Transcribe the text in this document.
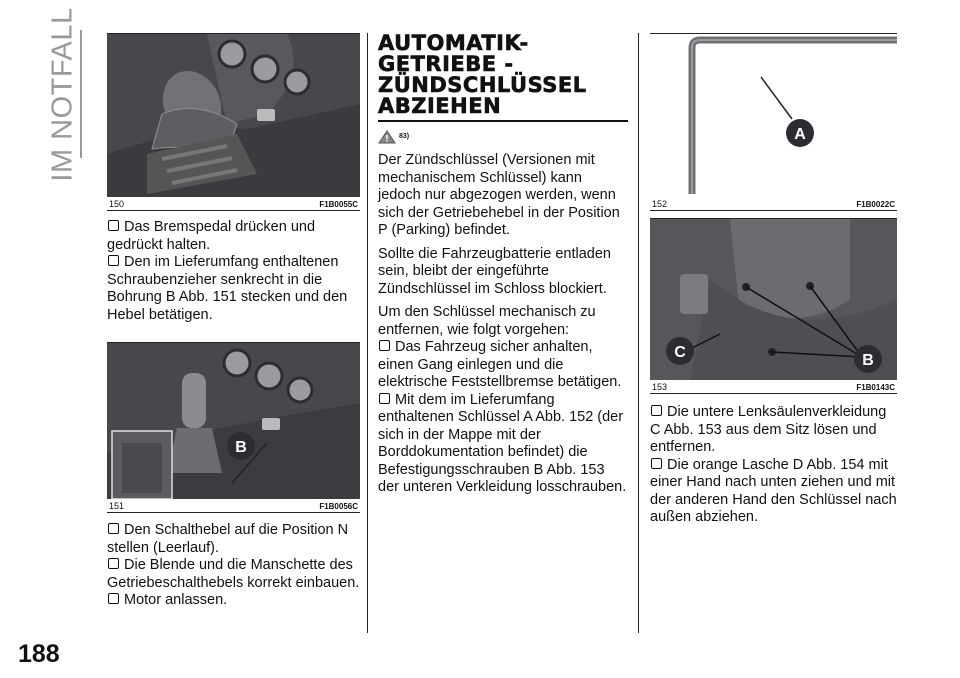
IM NOTFALL
188
150	F1B0055C

Das Bremspedal drücken und gedrückt halten.

Den im Lieferumfang enthaltenen Schraubenzieher senkrecht in die Bohrung B Abb. 151 stecken und den Hebel betätigen.

B
151	F1B0056C

Den Schalthebel auf die Position N stellen (Leerlauf).

Die Blende und die Manschette des Getriebeschalthebels korrekt einbauen.

Motor anlassen.

AUTOMATIK-
GETRIEBE -
ZÜNDSCHLÜSSEL
ABZIEHEN
83)

Der Zündschlüssel (Versionen mit mechanischem Schlüssel) kann jedoch nur abgezogen werden, wenn sich der Getriebehebel in der Position P (Parking) befindet.

Sollte die Fahrzeugbatterie entladen sein, bleibt der eingeführte Zündschlüssel im Schloss blockiert.

Um den Schlüssel mechanisch zu entfernen, wie folgt vorgehen:

Das Fahrzeug sicher anhalten, einen Gang einlegen und die elektrische Feststellbremse betätigen.

Mit dem im Lieferumfang enthaltenen Schlüssel A Abb. 152 (der sich in der Mappe mit der Borddokumentation befindet) die Befestigungsschrauben B Abb. 153 der unteren Verkleidung losschrauben.

A
152	F1B0022C
C	B
153	F1B0143C

Die untere Lenksäulenverkleidung C Abb. 153 aus dem Sitz lösen und entfernen.

Die orange Lasche D Abb. 154 mit einer Hand nach unten ziehen und mit der anderen Hand den Schlüssel nach außen abziehen.
